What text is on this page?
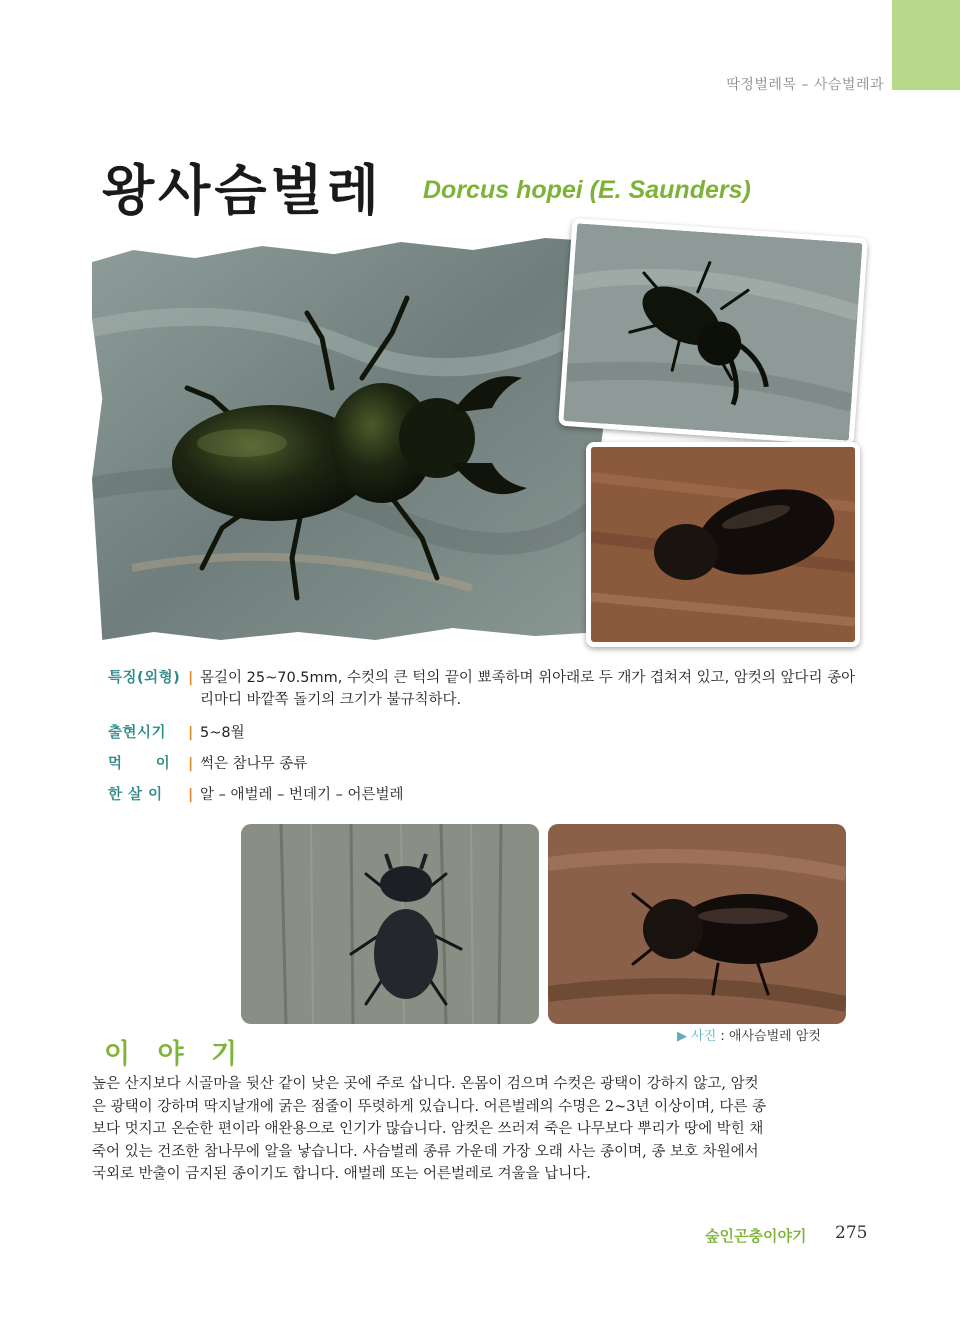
딱정벌레목 – 사슴벌레과
왕사슴벌레 Dorcus hopei (E. Saunders)
특징(외형) | 몸길이 25~70.5mm, 수컷의 큰 턱의 끝이 뾰족하며 위아래로 두 개가 겹쳐져 있고, 암컷의 앞다리 종아
리마디 바깥쪽 돌기의 크기가 불규칙하다.
출현시기	| 5~8월
먹      이	| 썩은 참나무 종류
한 살 이	| 알 – 애벌레 – 번데기 – 어른벌레
▶ 사진 : 애사슴벌레 암컷
이 야 기
높은 산지보다 시골마을 뒷산 같이 낮은 곳에 주로 삽니다. 온몸이 검으며 수컷은 광택이 강하지 않고, 암컷
은 광택이 강하며 딱지날개에 굵은 점줄이 뚜렷하게 있습니다. 어른벌레의 수명은 2~3년 이상이며, 다른 종
보다 멋지고 온순한 편이라 애완용으로 인기가 많습니다. 암컷은 쓰러져 죽은 나무보다 뿌리가 땅에 박힌 채
죽어 있는 건조한 참나무에 알을 낳습니다. 사슴벌레 종류 가운데 가장 오래 사는 종이며, 종 보호 차원에서
국외로 반출이 금지된 종이기도 합니다. 애벌레 또는 어른벌레로 겨울을 납니다.
숲인곤충이야기 275
